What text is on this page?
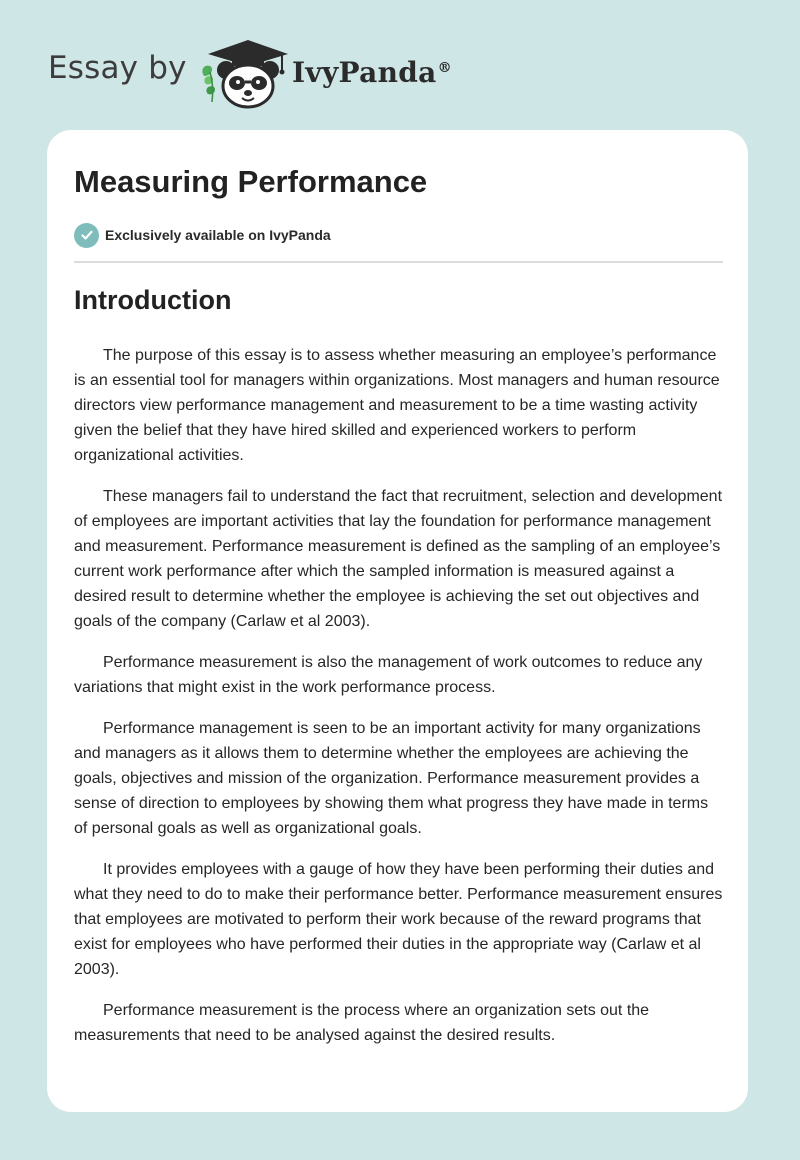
Essay by	IvyPanda®
Measuring Performance
Exclusively available on IvyPanda
Introduction

The purpose of this essay is to assess whether measuring an employee’s performance is an essential tool for managers within organizations. Most managers and human resource directors view performance management and measurement to be a time wasting activity given the belief that they have hired skilled and experienced workers to perform organizational activities.

These managers fail to understand the fact that recruitment, selection and development of employees are important activities that lay the foundation for performance management and measurement. Performance measurement is defined as the sampling of an employee’s current work performance after which the sampled information is measured against a desired result to determine whether the employee is achieving the set out objectives and goals of the company (Carlaw et al 2003).

Performance measurement is also the management of work outcomes to reduce any variations that might exist in the work performance process.

Performance management is seen to be an important activity for many organizations and managers as it allows them to determine whether the employees are achieving the goals, objectives and mission of the organization. Performance measurement provides a sense of direction to employees by showing them what progress they have made in terms of personal goals as well as organizational goals.

It provides employees with a gauge of how they have been performing their duties and what they need to do to make their performance better. Performance measurement ensures that employees are motivated to perform their work because of the reward programs that exist for employees who have performed their duties in the appropriate way (Carlaw et al 2003).

Performance measurement is the process where an organization sets out the measurements that need to be analysed against the desired results.
